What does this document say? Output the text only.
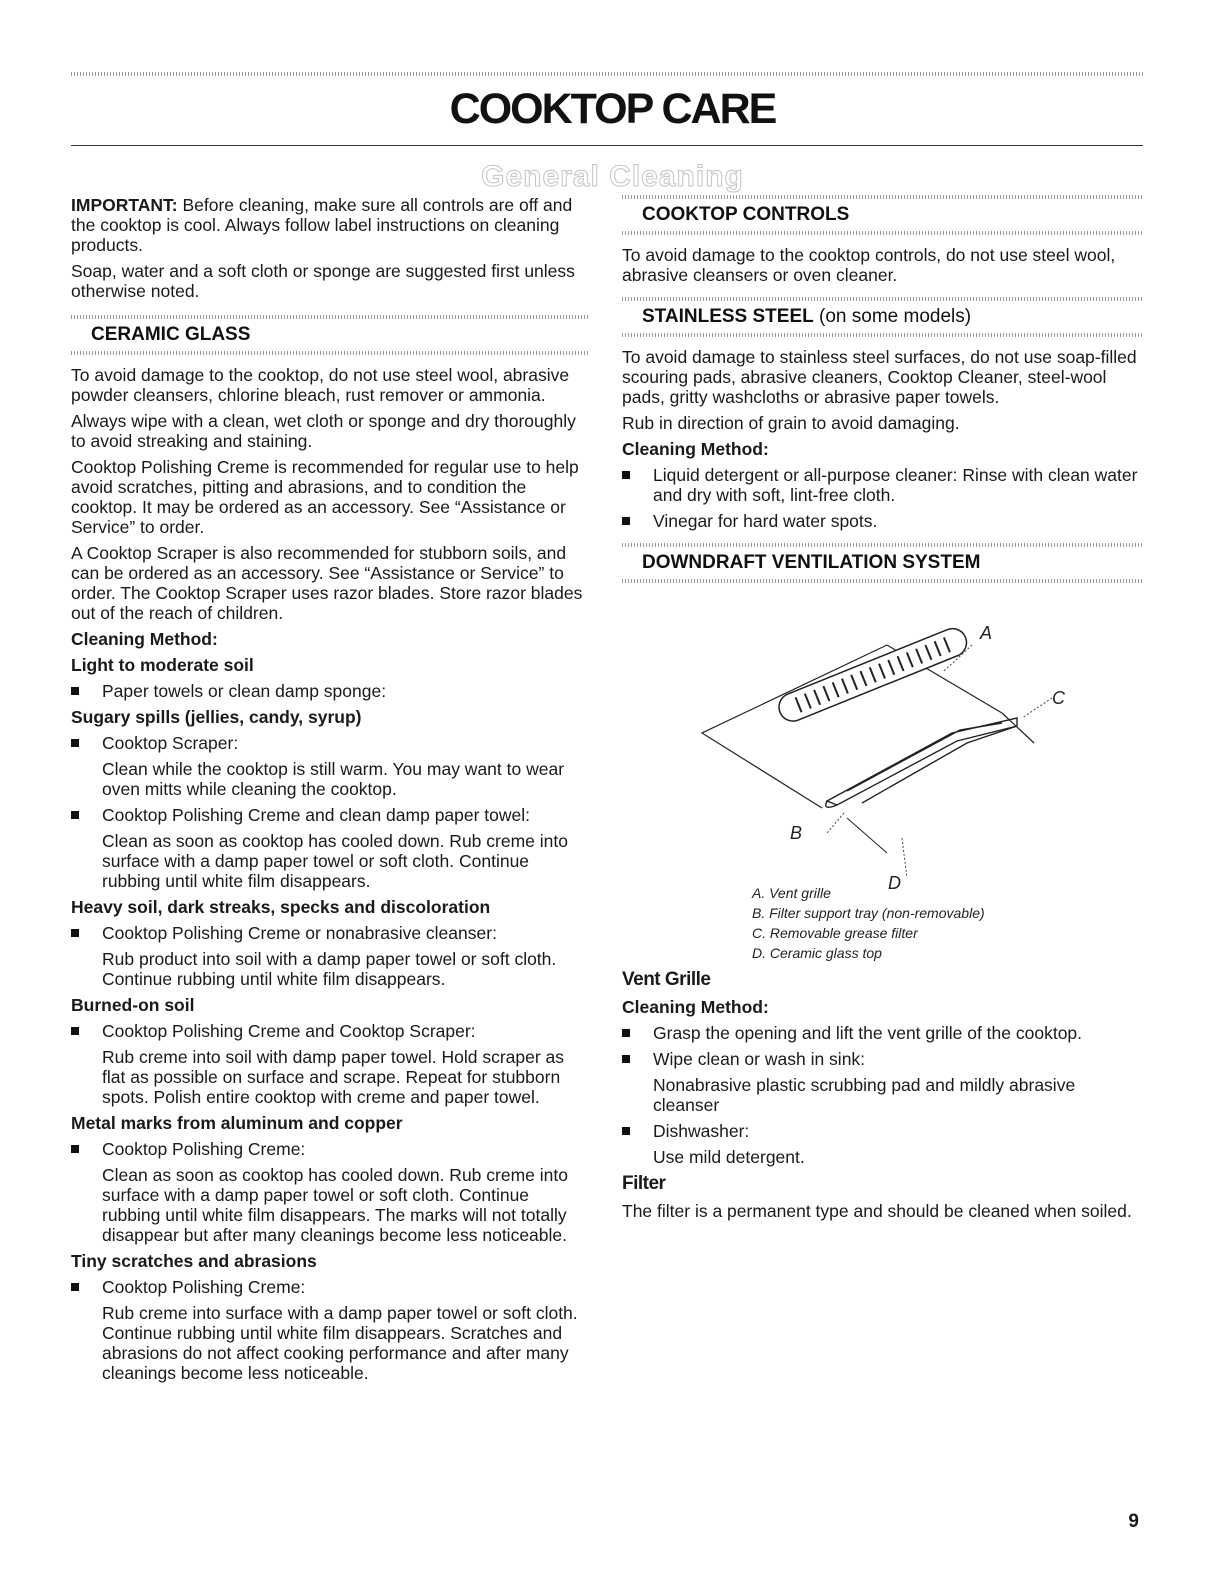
COOKTOP CARE
General Cleaning

IMPORTANT: Before cleaning, make sure all controls are off and the cooktop is cool. Always follow label instructions on cleaning products.

Soap, water and a soft cloth or sponge are suggested first unless otherwise noted.

CERAMIC GLASS

To avoid damage to the cooktop, do not use steel wool, abrasive powder cleansers, chlorine bleach, rust remover or ammonia.

Always wipe with a clean, wet cloth or sponge and dry thoroughly to avoid streaking and staining.

Cooktop Polishing Creme is recommended for regular use to help avoid scratches, pitting and abrasions, and to condition the cooktop. It may be ordered as an accessory. See “Assistance or Service” to order.

A Cooktop Scraper is also recommended for stubborn soils, and can be ordered as an accessory. See “Assistance or Service” to order. The Cooktop Scraper uses razor blades. Store razor blades out of the reach of children.

Cleaning Method:
Light to moderate soil
Paper towels or clean damp sponge:
Sugary spills (jellies, candy, syrup)
Cooktop Scraper:
Clean while the cooktop is still warm. You may want to wear oven mitts while cleaning the cooktop.
Cooktop Polishing Creme and clean damp paper towel:
Clean as soon as cooktop has cooled down. Rub creme into surface with a damp paper towel or soft cloth. Continue rubbing until white film disappears.
Heavy soil, dark streaks, specks and discoloration
Cooktop Polishing Creme or nonabrasive cleanser:
Rub product into soil with a damp paper towel or soft cloth. Continue rubbing until white film disappears.
Burned-on soil
Cooktop Polishing Creme and Cooktop Scraper:
Rub creme into soil with damp paper towel. Hold scraper as flat as possible on surface and scrape. Repeat for stubborn spots. Polish entire cooktop with creme and paper towel.
Metal marks from aluminum and copper
Cooktop Polishing Creme:
Clean as soon as cooktop has cooled down. Rub creme into surface with a damp paper towel or soft cloth. Continue rubbing until white film disappears. The marks will not totally disappear but after many cleanings become less noticeable.
Tiny scratches and abrasions
Cooktop Polishing Creme:
Rub creme into surface with a damp paper towel or soft cloth. Continue rubbing until white film disappears. Scratches and abrasions do not affect cooking performance and after many cleanings become less noticeable.
COOKTOP CONTROLS

To avoid damage to the cooktop controls, do not use steel wool, abrasive cleansers or oven cleaner.

STAINLESS STEEL (on some models)

To avoid damage to stainless steel surfaces, do not use soap-filled scouring pads, abrasive cleaners, Cooktop Cleaner, steel-wool pads, gritty washcloths or abrasive paper towels.

Rub in direction of grain to avoid damaging.

Cleaning Method:
Liquid detergent or all-purpose cleaner: Rinse with clean water and dry with soft, lint-free cloth.
Vinegar for hard water spots.
DOWNDRAFT VENTILATION SYSTEM
A
C
B
D
A. Vent grille
B. Filter support tray (non-removable)
C. Removable grease filter
D. Ceramic glass top
Vent Grille
Cleaning Method:
Grasp the opening and lift the vent grille of the cooktop.
Wipe clean or wash in sink:
Nonabrasive plastic scrubbing pad and mildly abrasive cleanser
Dishwasher:
Use mild detergent.
Filter

The filter is a permanent type and should be cleaned when soiled.

9
